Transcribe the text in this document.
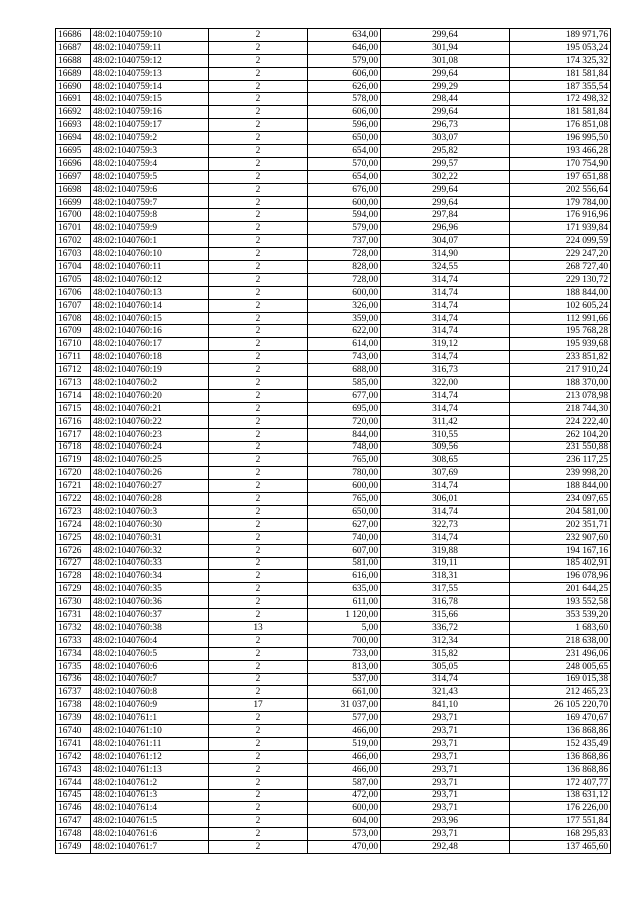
16686	48:02:1040759:10	2	634,00	299,64	189 971,76
16687	48:02:1040759:11	2	646,00	301,94	195 053,24
16688	48:02:1040759:12	2	579,00	301,08	174 325,32
16689	48:02:1040759:13	2	606,00	299,64	181 581,84
16690	48:02:1040759:14	2	626,00	299,29	187 355,54
16691	48:02:1040759:15	2	578,00	298,44	172 498,32
16692	48:02:1040759:16	2	606,00	299,64	181 581,84
16693	48:02:1040759:17	2	596,00	296,73	176 851,08
16694	48:02:1040759:2	2	650,00	303,07	196 995,50
16695	48:02:1040759:3	2	654,00	295,82	193 466,28
16696	48:02:1040759:4	2	570,00	299,57	170 754,90
16697	48:02:1040759:5	2	654,00	302,22	197 651,88
16698	48:02:1040759:6	2	676,00	299,64	202 556,64
16699	48:02:1040759:7	2	600,00	299,64	179 784,00
16700	48:02:1040759:8	2	594,00	297,84	176 916,96
16701	48:02:1040759:9	2	579,00	296,96	171 939,84
16702	48:02:1040760:1	2	737,00	304,07	224 099,59
16703	48:02:1040760:10	2	728,00	314,90	229 247,20
16704	48:02:1040760:11	2	828,00	324,55	268 727,40
16705	48:02:1040760:12	2	728,00	314,74	229 130,72
16706	48:02:1040760:13	2	600,00	314,74	188 844,00
16707	48:02:1040760:14	2	326,00	314,74	102 605,24
16708	48:02:1040760:15	2	359,00	314,74	112 991,66
16709	48:02:1040760:16	2	622,00	314,74	195 768,28
16710	48:02:1040760:17	2	614,00	319,12	195 939,68
16711	48:02:1040760:18	2	743,00	314,74	233 851,82
16712	48:02:1040760:19	2	688,00	316,73	217 910,24
16713	48:02:1040760:2	2	585,00	322,00	188 370,00
16714	48:02:1040760:20	2	677,00	314,74	213 078,98
16715	48:02:1040760:21	2	695,00	314,74	218 744,30
16716	48:02:1040760:22	2	720,00	311,42	224 222,40
16717	48:02:1040760:23	2	844,00	310,55	262 104,20
16718	48:02:1040760:24	2	748,00	309,56	231 550,88
16719	48:02:1040760:25	2	765,00	308,65	236 117,25
16720	48:02:1040760:26	2	780,00	307,69	239 998,20
16721	48:02:1040760:27	2	600,00	314,74	188 844,00
16722	48:02:1040760:28	2	765,00	306,01	234 097,65
16723	48:02:1040760:3	2	650,00	314,74	204 581,00
16724	48:02:1040760:30	2	627,00	322,73	202 351,71
16725	48:02:1040760:31	2	740,00	314,74	232 907,60
16726	48:02:1040760:32	2	607,00	319,88	194 167,16
16727	48:02:1040760:33	2	581,00	319,11	185 402,91
16728	48:02:1040760:34	2	616,00	318,31	196 078,96
16729	48:02:1040760:35	2	635,00	317,55	201 644,25
16730	48:02:1040760:36	2	611,00	316,78	193 552,58
16731	48:02:1040760:37	2	1 120,00	315,66	353 539,20
16732	48:02:1040760:38	13	5,00	336,72	1 683,60
16733	48:02:1040760:4	2	700,00	312,34	218 638,00
16734	48:02:1040760:5	2	733,00	315,82	231 496,06
16735	48:02:1040760:6	2	813,00	305,05	248 005,65
16736	48:02:1040760:7	2	537,00	314,74	169 015,38
16737	48:02:1040760:8	2	661,00	321,43	212 465,23
16738	48:02:1040760:9	17	31 037,00	841,10	26 105 220,70
16739	48:02:1040761:1	2	577,00	293,71	169 470,67
16740	48:02:1040761:10	2	466,00	293,71	136 868,86
16741	48:02:1040761:11	2	519,00	293,71	152 435,49
16742	48:02:1040761:12	2	466,00	293,71	136 868,86
16743	48:02:1040761:13	2	466,00	293,71	136 868,86
16744	48:02:1040761:2	2	587,00	293,71	172 407,77
16745	48:02:1040761:3	2	472,00	293,71	138 631,12
16746	48:02:1040761:4	2	600,00	293,71	176 226,00
16747	48:02:1040761:5	2	604,00	293,96	177 551,84
16748	48:02:1040761:6	2	573,00	293,71	168 295,83
16749	48:02:1040761:7	2	470,00	292,48	137 465,60
